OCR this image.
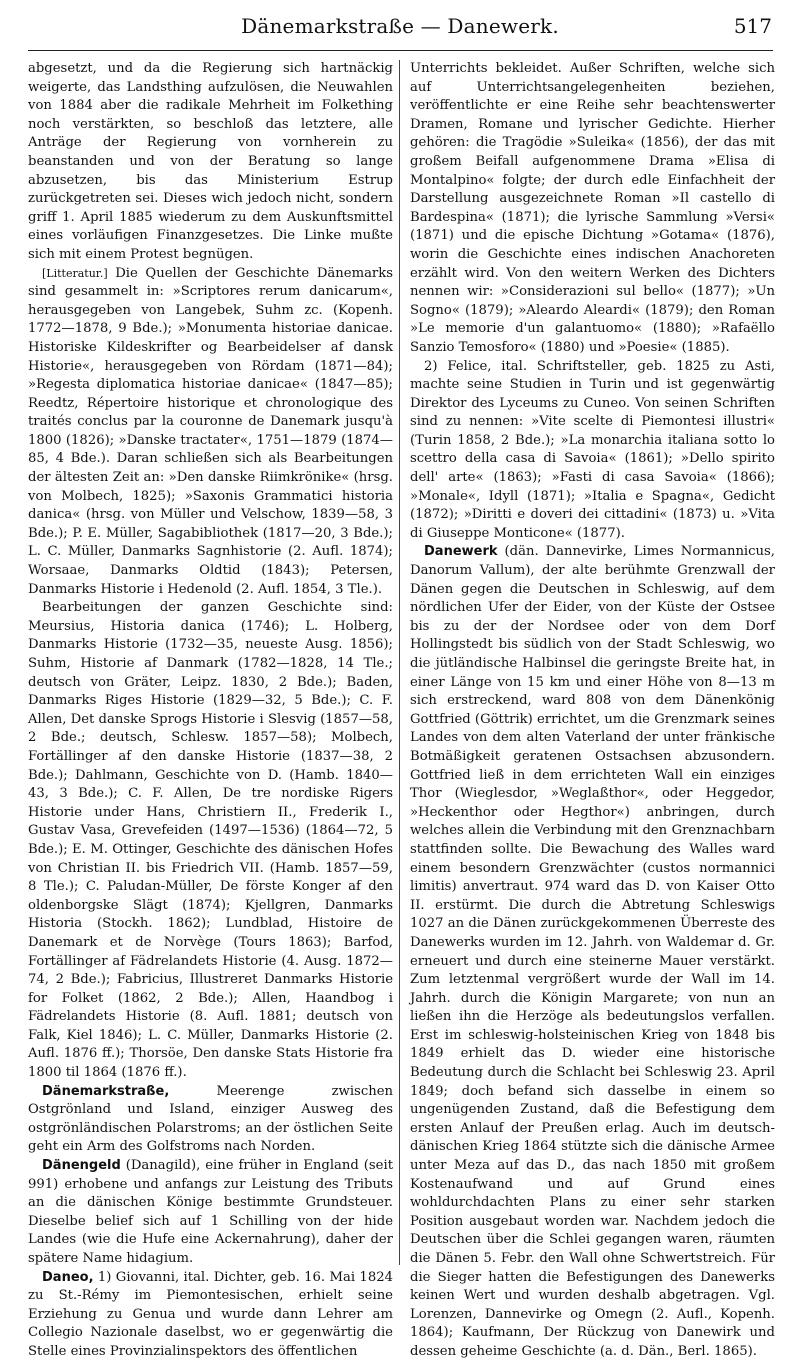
Dänemarkstraße — Danewerk.	517

abgesetzt, und da die Regierung sich hartnäckig weigerte, das Landsthing aufzulösen, die Neuwahlen von 1884 aber die radikale Mehrheit im Folkething noch verstärkten, so beschloß das letztere, alle Anträge der Regierung von vornherein zu beanstanden und von der Beratung so lange abzusetzen, bis das Ministerium Estrup zurückgetreten sei. Dieses wich jedoch nicht, sondern griff 1. April 1885 wiederum zu dem Auskunftsmittel eines vorläufigen Finanzgesetzes. Die Linke mußte sich mit einem Protest begnügen.

[Litteratur.] Die Quellen der Geschichte Dänemarks sind gesammelt in: »Scriptores rerum danicarum«, herausgegeben von Langebek, Suhm zc. (Kopenh. 1772—1878, 9 Bde.); »Monumenta historiae danicae. Historiske Kildeskrifter og Bearbeidelser af dansk Historie«, herausgegeben von Rördam (1871—84); »Regesta diplomatica historiae danicae« (1847—85); Reedtz, Répertoire historique et chronologique des traités conclus par la couronne de Danemark jusqu'à 1800 (1826); »Danske tractater«, 1751—1879 (1874—85, 4 Bde.). Daran schließen sich als Bearbeitungen der ältesten Zeit an: »Den danske Riimkrönike« (hrsg. von Molbech, 1825); »Saxonis Grammatici historia danica« (hrsg. von Müller und Velschow, 1839—58, 3 Bde.); P. E. Müller, Sagabibliothek (1817—20, 3 Bde.); L. C. Müller, Danmarks Sagnhistorie (2. Aufl. 1874); Worsaae, Danmarks Oldtid (1843); Petersen, Danmarks Historie i Hedenold (2. Aufl. 1854, 3 Tle.).

Bearbeitungen der ganzen Geschichte sind: Meursius, Historia danica (1746); L. Holberg, Danmarks Historie (1732—35, neueste Ausg. 1856); Suhm, Historie af Danmark (1782—1828, 14 Tle.; deutsch von Gräter, Leipz. 1830, 2 Bde.); Baden, Danmarks Riges Historie (1829—32, 5 Bde.); C. F. Allen, Det danske Sprogs Historie i Slesvig (1857—58, 2 Bde.; deutsch, Schlesw. 1857—58); Molbech, Fortällinger af den danske Historie (1837—38, 2 Bde.); Dahlmann, Geschichte von D. (Hamb. 1840—43, 3 Bde.); C. F. Allen, De tre nordiske Rigers Historie under Hans, Christiern II., Frederik I., Gustav Vasa, Grevefeiden (1497—1536) (1864—72, 5 Bde.); E. M. Ottinger, Geschichte des dänischen Hofes von Christian II. bis Friedrich VII. (Hamb. 1857—59, 8 Tle.); C. Paludan-Müller, De förste Konger af den oldenborgske Slägt (1874); Kjellgren, Danmarks Historia (Stockh. 1862); Lundblad, Histoire de Danemark et de Norvège (Tours 1863); Barfod, Fortällinger af Fädrelandets Historie (4. Ausg. 1872—74, 2 Bde.); Fabricius, Illustreret Danmarks Historie for Folket (1862, 2 Bde.); Allen, Haandbog i Fädrelandets Historie (8. Aufl. 1881; deutsch von Falk, Kiel 1846); L. C. Müller, Danmarks Historie (2. Aufl. 1876 ff.); Thorsöe, Den danske Stats Historie fra 1800 til 1864 (1876 ff.).

Dänemarkstraße, Meerenge zwischen Ostgrönland und Island, einziger Ausweg des ostgrönländischen Polarstroms; an der östlichen Seite geht ein Arm des Golfstroms nach Norden.

Dänengeld (Danagild), eine früher in England (seit 991) erhobene und anfangs zur Leistung des Tributs an die dänischen Könige bestimmte Grundsteuer. Dieselbe belief sich auf 1 Schilling von der hide Landes (wie die Hufe eine Ackernahrung), daher der spätere Name hidagium.

Daneo, 1) Giovanni, ital. Dichter, geb. 16. Mai 1824 zu St.-Rémy im Piemontesischen, erhielt seine Erziehung zu Genua und wurde dann Lehrer am Collegio Nazionale daselbst, wo er gegenwärtig die Stelle eines Provinzialinspektors des öffentlichen

Unterrichts bekleidet. Außer Schriften, welche sich auf Unterrichtsangelegenheiten beziehen, veröffentlichte er eine Reihe sehr beachtenswerter Dramen, Romane und lyrischer Gedichte. Hierher gehören: die Tragödie »Suleika« (1856), der das mit großem Beifall aufgenommene Drama »Elisa di Montalpino« folgte; der durch edle Einfachheit der Darstellung ausgezeichnete Roman »Il castello di Bardespina« (1871); die lyrische Sammlung »Versi« (1871) und die epische Dichtung »Gotama« (1876), worin die Geschichte eines indischen Anachoreten erzählt wird. Von den weitern Werken des Dichters nennen wir: »Considerazioni sul bello« (1877); »Un Sogno« (1879); »Aleardo Aleardi« (1879); den Roman »Le memorie d'un galantuomo« (1880); »Rafaëllo Sanzio Temosforo« (1880) und »Poesie« (1885).

2) Felice, ital. Schriftsteller, geb. 1825 zu Asti, machte seine Studien in Turin und ist gegenwärtig Direktor des Lyceums zu Cuneo. Von seinen Schriften sind zu nennen: »Vite scelte di Piemontesi illustri« (Turin 1858, 2 Bde.); »La monarchia italiana sotto lo scettro della casa di Savoia« (1861); »Dello spirito dell' arte« (1863); »Fasti di casa Savoia« (1866); »Monale«, Idyll (1871); »Italia e Spagna«, Gedicht (1872); »Diritti e doveri dei cittadini« (1873) u. »Vita di Giuseppe Monticone« (1877).

Danewerk (dän. Dannevirke, Limes Normannicus, Danorum Vallum), der alte berühmte Grenzwall der Dänen gegen die Deutschen in Schleswig, auf dem nördlichen Ufer der Eider, von der Küste der Ostsee bis zu der der Nordsee oder von dem Dorf Hollingstedt bis südlich von der Stadt Schleswig, wo die jütländische Halbinsel die geringste Breite hat, in einer Länge von 15 km und einer Höhe von 8—13 m sich erstreckend, ward 808 von dem Dänenkönig Gottfried (Göttrik) errichtet, um die Grenzmark seines Landes von dem alten Vaterland der unter fränkische Botmäßigkeit geratenen Ostsachsen abzusondern. Gottfried ließ in dem errichteten Wall ein einziges Thor (Wieglesdor, »Weglaßthor«, oder Heggedor, »Heckenthor oder Hegthor«) anbringen, durch welches allein die Verbindung mit den Grenznachbarn stattfinden sollte. Die Bewachung des Walles ward einem besondern Grenzwächter (custos normannici limitis) anvertraut. 974 ward das D. von Kaiser Otto II. erstürmt. Die durch die Abtretung Schleswigs 1027 an die Dänen zurückgekommenen Überreste des Danewerks wurden im 12. Jahrh. von Waldemar d. Gr. erneuert und durch eine steinerne Mauer verstärkt. Zum letztenmal vergrößert wurde der Wall im 14. Jahrh. durch die Königin Margarete; von nun an ließen ihn die Herzöge als bedeutungslos verfallen. Erst im schleswig-holsteinischen Krieg von 1848 bis 1849 erhielt das D. wieder eine historische Bedeutung durch die Schlacht bei Schleswig 23. April 1849; doch befand sich dasselbe in einem so ungenügenden Zustand, daß die Befestigung dem ersten Anlauf der Preußen erlag. Auch im deutsch-dänischen Krieg 1864 stützte sich die dänische Armee unter Meza auf das D., das nach 1850 mit großem Kostenaufwand und auf Grund eines wohldurchdachten Plans zu einer sehr starken Position ausgebaut worden war. Nachdem jedoch die Deutschen über die Schlei gegangen waren, räumten die Dänen 5. Febr. den Wall ohne Schwertstreich. Für die Sieger hatten die Befestigungen des Danewerks keinen Wert und wurden deshalb abgetragen. Vgl. Lorenzen, Dannevirke og Omegn (2. Aufl., Kopenh. 1864); Kaufmann, Der Rückzug von Danewirk und dessen geheime Geschichte (a. d. Dän., Berl. 1865).
